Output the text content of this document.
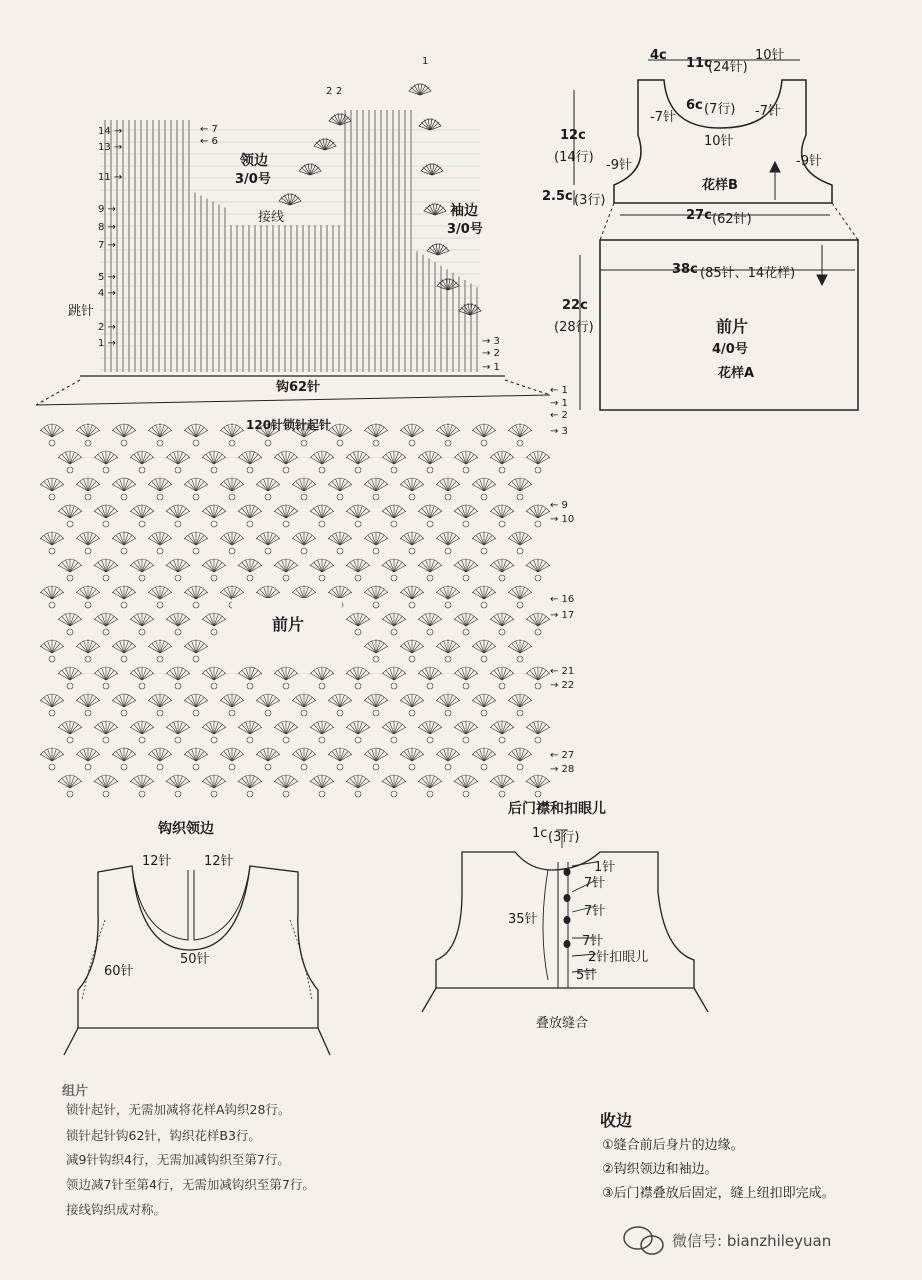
领边
3/0号
袖边
3/0号
接线
跳针
钩62针
14 →
13 →
11 →
9 →
8 →
7 →
5 →
4 →
2 →
1 →
← 7
← 6
→ 3
→ 2
→ 1
2 2
1
120针锁针起针
前片
← 1
→ 1
← 2
→ 3
← 9
→ 10
← 16
→ 17
← 21
→ 22
← 27
→ 28
4c
11c
(24针)
10针
-7针	-7针
6c (7行)
10针
12c
(14行)
-9针	-9针
花样B
2.5c (3行)
27c (62针)
38c (85针、14花样)
22c
(28行)	前片
4/0号
花样A
钩织领边
12针 12针
50针
60针
后门襟和扣眼儿
1c (3行)
35针
1针
7针
7针
7针
2针扣眼儿
5针
叠放缝合
组片
锁针起针，无需加减将花样A钩织28行。
锁针起针钩62针，钩织花样B3行。
减9针钩织4行，无需加减钩织至第7行。
领边减7针至第4行，无需加减钩织至第7行。
接线钩织成对称。
收边
①缝合前后身片的边缘。
②钩织领边和袖边。
③后门襟叠放后固定，缝上纽扣即完成。
微信号: bianzhileyuan
